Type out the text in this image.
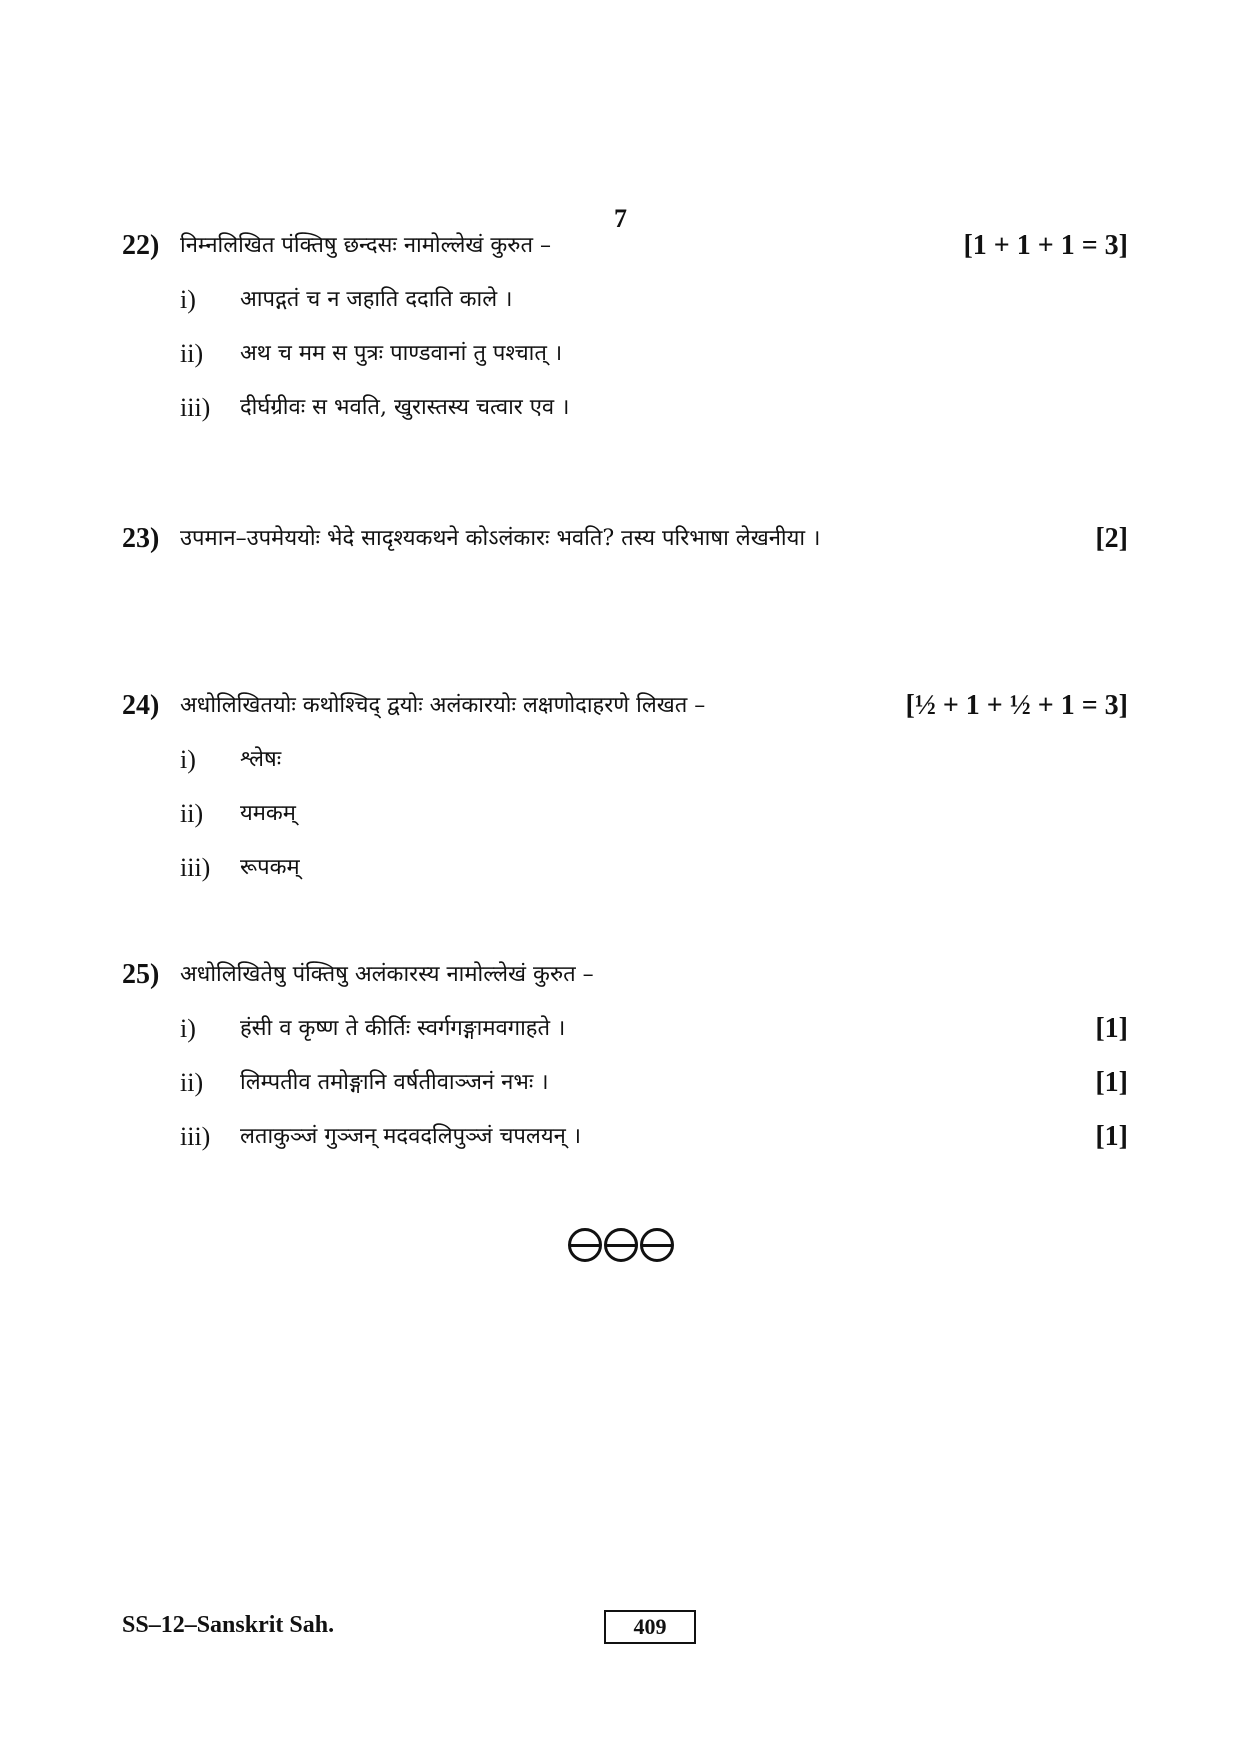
7
22) निम्नलिखित पंक्तिषु छन्दसः नामोल्लेखं कुरुत –	[1 + 1 + 1 = 3]
i) आपद्गतं च न जहाति ददाति काले ।
ii) अथ च मम स पुत्रः पाण्डवानां तु पश्चात् ।
iii) दीर्घग्रीवः स भवति, खुरास्तस्य चत्वार एव ।
23) उपमान–उपमेययोः भेदे सादृश्यकथने कोऽलंकारः भवति? तस्य परिभाषा लेखनीया ।	[2]
24) अधोलिखितयोः कथोश्चिद् द्वयोः अलंकारयोः लक्षणोदाहरणे लिखत –	[½ + 1 + ½ + 1 = 3]
i) श्लेषः
ii) यमकम्
iii) रूपकम्
25) अधोलिखितेषु पंक्तिषु अलंकारस्य नामोल्लेखं कुरुत –
i) हंसी व कृष्ण ते कीर्तिः स्वर्गगङ्गामवगाहते ।	[1]
ii) लिम्पतीव तमोङ्गानि वर्षतीवाञ्जनं नभः ।	[1]
iii) लताकुञ्जं गुञ्जन् मदवदलिपुञ्जं चपलयन् ।	[1]
SS–12–Sanskrit Sah.	409
